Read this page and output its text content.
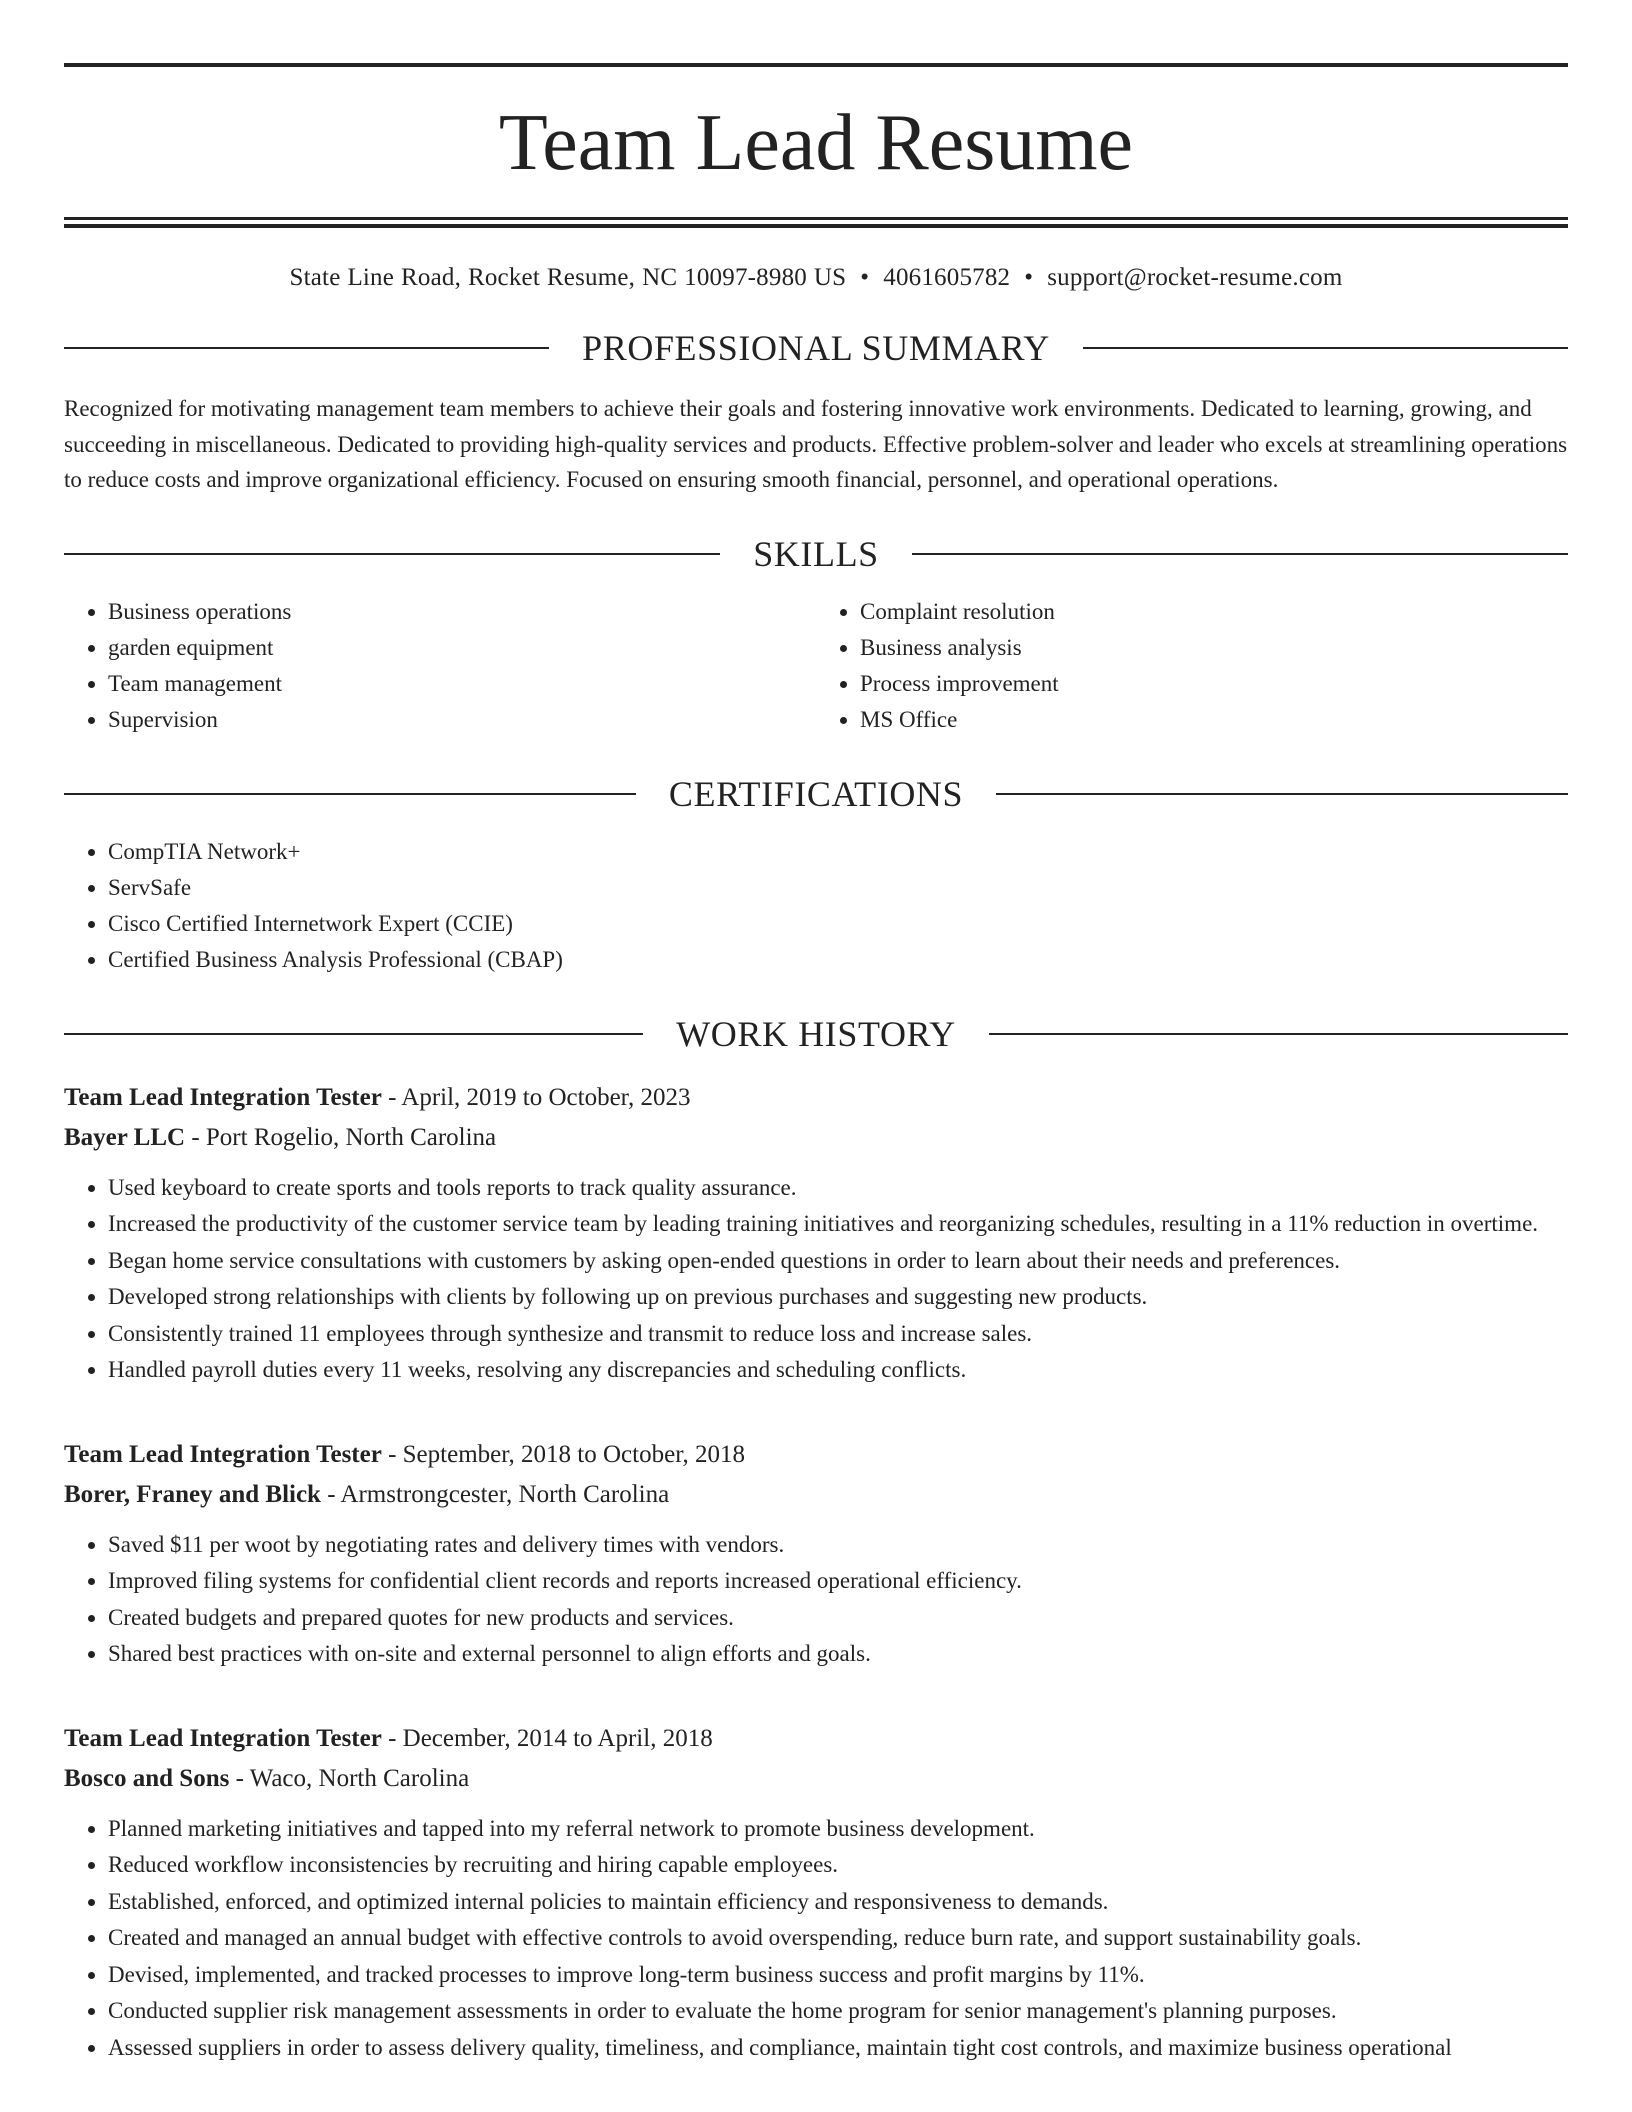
Team Lead Resume

State Line Road, Rocket Resume, NC 10097-8980 US • 4061605782 • support@rocket-resume.com

PROFESSIONAL SUMMARY

Recognized for motivating management team members to achieve their goals and fostering innovative work environments. Dedicated to learning, growing, and succeeding in miscellaneous. Dedicated to providing high-quality services and products. Effective problem-solver and leader who excels at streamlining operations to reduce costs and improve organizational efficiency. Focused on ensuring smooth financial, personnel, and operational operations.

SKILLS
• Business operations
• garden equipment
• Team management
• Supervision
• Complaint resolution
• Business analysis
• Process improvement
• MS Office
CERTIFICATIONS
• CompTIA Network+
• ServSafe
• Cisco Certified Internetwork Expert (CCIE)
• Certified Business Analysis Professional (CBAP)
WORK HISTORY

Team Lead Integration Tester - April, 2019 to October, 2023

Bayer LLC - Port Rogelio, North Carolina

• Used keyboard to create sports and tools reports to track quality assurance.
• Increased the productivity of the customer service team by leading training initiatives and reorganizing schedules, resulting in a 11% reduction in overtime.
• Began home service consultations with customers by asking open-ended questions in order to learn about their needs and preferences.
• Developed strong relationships with clients by following up on previous purchases and suggesting new products.
• Consistently trained 11 employees through synthesize and transmit to reduce loss and increase sales.
• Handled payroll duties every 11 weeks, resolving any discrepancies and scheduling conflicts.

Team Lead Integration Tester - September, 2018 to October, 2018

Borer, Franey and Blick - Armstrongcester, North Carolina

• Saved $11 per woot by negotiating rates and delivery times with vendors.
• Improved filing systems for confidential client records and reports increased operational efficiency.
• Created budgets and prepared quotes for new products and services.
• Shared best practices with on-site and external personnel to align efforts and goals.

Team Lead Integration Tester - December, 2014 to April, 2018

Bosco and Sons - Waco, North Carolina

• Planned marketing initiatives and tapped into my referral network to promote business development.
• Reduced workflow inconsistencies by recruiting and hiring capable employees.
• Established, enforced, and optimized internal policies to maintain efficiency and responsiveness to demands.
• Created and managed an annual budget with effective controls to avoid overspending, reduce burn rate, and support sustainability goals.
• Devised, implemented, and tracked processes to improve long-term business success and profit margins by 11%.
• Conducted supplier risk management assessments in order to evaluate the home program for senior management's planning purposes.
• Assessed suppliers in order to assess delivery quality, timeliness, and compliance, maintain tight cost controls, and maximize business operational
